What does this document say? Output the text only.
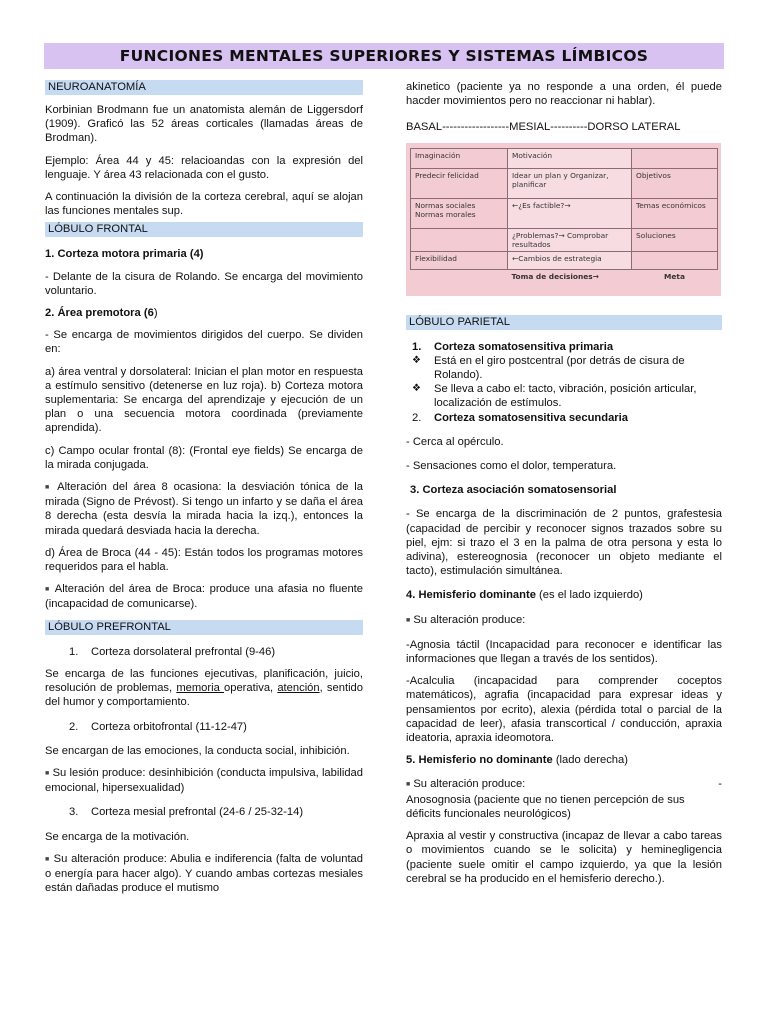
FUNCIONES MENTALES SUPERIORES Y SISTEMAS LÍMBICOS
NEUROANATOMÍA

Korbinian Brodmann fue un anatomista alemán de Liggersdorf (1909). Graficó las 52 áreas corticales (llamadas áreas de Brodman).

Ejemplo: Área 44 y 45: relacioandas con la expresión del lenguaje. Y área 43 relacionada con el gusto.

A continuación la división de la corteza cerebral, aquí se alojan las funciones mentales sup.

LÓBULO FRONTAL

1. Corteza motora primaria (4)

- Delante de la cisura de Rolando. Se encarga del movimiento voluntario.

2. Área premotora (6)

- Se encarga de movimientos dirigidos del cuerpo. Se dividen en:

a) área ventral y dorsolateral: Inician el plan motor en respuesta a estímulo sensitivo (detenerse en luz roja). b) Corteza motora suplementaria: Se encarga del aprendizaje y ejecución de un plan o una secuencia motora coordinada (previamente aprendida).

c) Campo ocular frontal (8): (Frontal eye fields) Se encarga de la mirada conjugada.

■ Alteración del área 8 ocasiona: la desviación tónica de la mirada (Signo de Prévost). Si tengo un infarto y se daña el área 8 derecha (esta desvía la mirada hacia la izq.), entonces la mirada quedará desviada hacia la derecha.

d) Área de Broca (44 - 45): Están todos los programas motores requeridos para el habla.

■ Alteración del área de Broca: produce una afasia no fluente (incapacidad de comunicarse).

LÓBULO PREFRONTAL
1.	Corteza dorsolateral prefrontal (9-46)

Se encarga de las funciones ejecutivas, planificación, juicio, resolución de problemas, memoria operativa, atención, sentido del humor y comportamiento.

2.	Corteza orbitofrontal (11-12-47)

Se encargan de las emociones, la conducta social, inhibición.

■ Su lesión produce: desinhibición (conducta impulsiva, labilidad emocional, hipersexualidad)

3.	Corteza mesial prefrontal (24-6 / 25-32-14)

Se encarga de la motivación.

■ Su alteración produce: Abulia e indiferencia (falta de voluntad o energía para hacer algo). Y cuando ambas cortezas mesiales están dañadas produce el mutismo

akinetico (paciente ya no responde a una orden, él puede hacder movimientos pero no reaccionar ni hablar).

BASAL------------------MESIAL----------DORSO LATERAL

Imaginación	Motivación	
Predecir felicidad	Idear un plan y Organizar, planificar	Objetivos
Normas sociales Normas morales	←¿Es factible?→	Temas económicos
	¿Problemas?→ Comprobar resultados	Soluciones
Flexibilidad	←Cambios de estrategia	
	Toma de decisiones→	Meta
LÓBULO PARIETAL
1.	Corteza somatosensitiva primaria
❖	Está en el giro postcentral (por detrás de cisura de Rolando).
❖	Se lleva a cabo el: tacto, vibración, posición articular, localización de estímulos.
2.	Corteza somatosensitiva secundaria

- Cerca al opérculo.

- Sensaciones como el dolor, temperatura.

3. Corteza asociación somatosensorial

- Se encarga de la discriminación de 2 puntos, grafestesia (capacidad de percibir y reconocer signos trazados sobre su piel, ejm: si trazo el 3 en la palma de otra persona y esta lo adivina), estereognosia (reconocer un objeto mediante el tacto), estimulación simultánea.

4. Hemisferio dominante (es el lado izquierdo)

■ Su alteración produce:

-Agnosia táctil (Incapacidad para reconocer e identificar las informaciones que llegan a través de los sentidos).

-Acalculia (incapacidad para comprender coceptos matemáticos), agrafia (incapacidad para expresar ideas y pensamientos por ecrito), alexia (pérdida total o parcial de la capacidad de leer), afasia transcortical / conducción, apraxia ideatoria, apraxia ideomotora.

5. Hemisferio no dominante (lado derecha)

■ Su alteración produce:	-

Anosognosia (paciente que no tienen percepción de sus déficits funcionales neurológicos)

Apraxia al vestir y constructiva (incapaz de llevar a cabo tareas o movimientos cuando se le solicita) y heminegligencia (paciente suele omitir el campo izquierdo, ya que la lesión cerebral se ha producido en el hemisferio derecho.).
